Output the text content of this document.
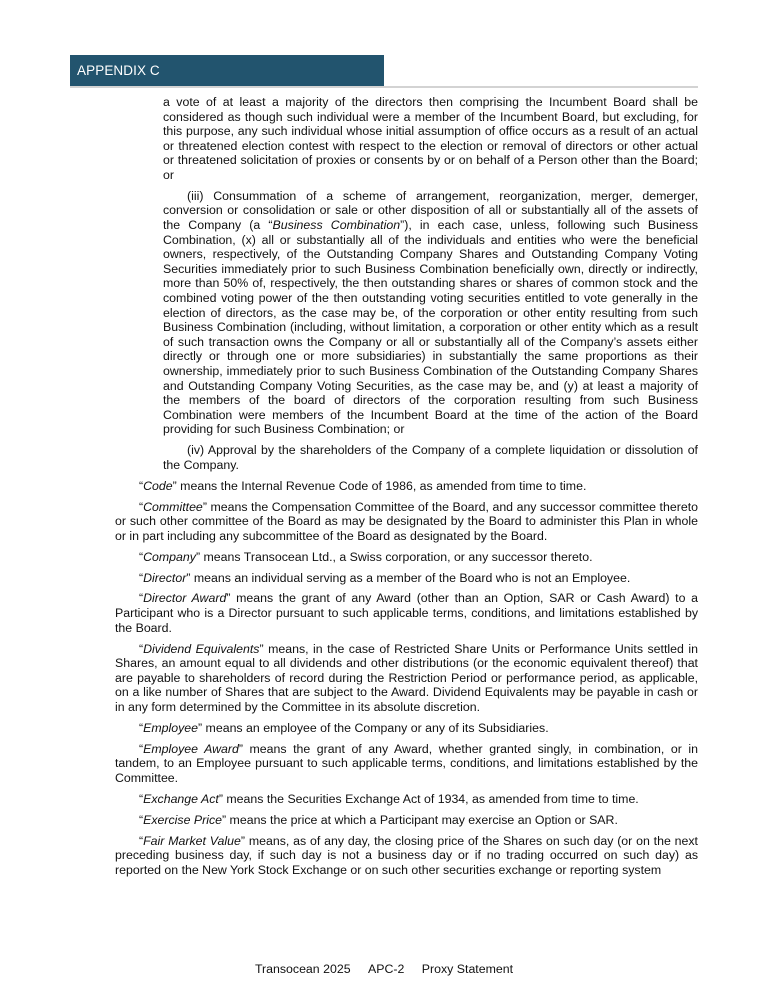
APPENDIX C

a vote of at least a majority of the directors then comprising the Incumbent Board shall be considered as though such individual were a member of the Incumbent Board, but excluding, for this purpose, any such individual whose initial assumption of office occurs as a result of an actual or threatened election contest with respect to the election or removal of directors or other actual or threatened solicitation of proxies or consents by or on behalf of a Person other than the Board; or

(iii) Consummation of a scheme of arrangement, reorganization, merger, demerger, conversion or consolidation or sale or other disposition of all or substantially all of the assets of the Company (a “Business Combination”), in each case, unless, following such Business Combination, (x) all or substantially all of the individuals and entities who were the beneficial owners, respectively, of the Outstanding Company Shares and Outstanding Company Voting Securities immediately prior to such Business Combination beneficially own, directly or indirectly, more than 50% of, respectively, the then outstanding shares or shares of common stock and the combined voting power of the then outstanding voting securities entitled to vote generally in the election of directors, as the case may be, of the corporation or other entity resulting from such Business Combination (including, without limitation, a corporation or other entity which as a result of such transaction owns the Company or all or substantially all of the Company’s assets either directly or through one or more subsidiaries) in substantially the same proportions as their ownership, immediately prior to such Business Combination of the Outstanding Company Shares and Outstanding Company Voting Securities, as the case may be, and (y) at least a majority of the members of the board of directors of the corporation resulting from such Business Combination were members of the Incumbent Board at the time of the action of the Board providing for such Business Combination; or

(iv) Approval by the shareholders of the Company of a complete liquidation or dissolution of the Company.

“Code” means the Internal Revenue Code of 1986, as amended from time to time.

“Committee” means the Compensation Committee of the Board, and any successor committee thereto or such other committee of the Board as may be designated by the Board to administer this Plan in whole or in part including any subcommittee of the Board as designated by the Board.

“Company” means Transocean Ltd., a Swiss corporation, or any successor thereto.

“Director” means an individual serving as a member of the Board who is not an Employee.

“Director Award” means the grant of any Award (other than an Option, SAR or Cash Award) to a Participant who is a Director pursuant to such applicable terms, conditions, and limitations established by the Board.

“Dividend Equivalents” means, in the case of Restricted Share Units or Performance Units settled in Shares, an amount equal to all dividends and other distributions (or the economic equivalent thereof) that are payable to shareholders of record during the Restriction Period or performance period, as applicable, on a like number of Shares that are subject to the Award. Dividend Equivalents may be payable in cash or in any form determined by the Committee in its absolute discretion.

“Employee” means an employee of the Company or any of its Subsidiaries.

“Employee Award” means the grant of any Award, whether granted singly, in combination, or in tandem, to an Employee pursuant to such applicable terms, conditions, and limitations established by the Committee.

“Exchange Act” means the Securities Exchange Act of 1934, as amended from time to time.

“Exercise Price” means the price at which a Participant may exercise an Option or SAR.

“Fair Market Value” means, as of any day, the closing price of the Shares on such day (or on the next preceding business day, if such day is not a business day or if no trading occurred on such day) as reported on the New York Stock Exchange or on such other securities exchange or reporting system

Transocean 2025 APC-2 Proxy Statement
